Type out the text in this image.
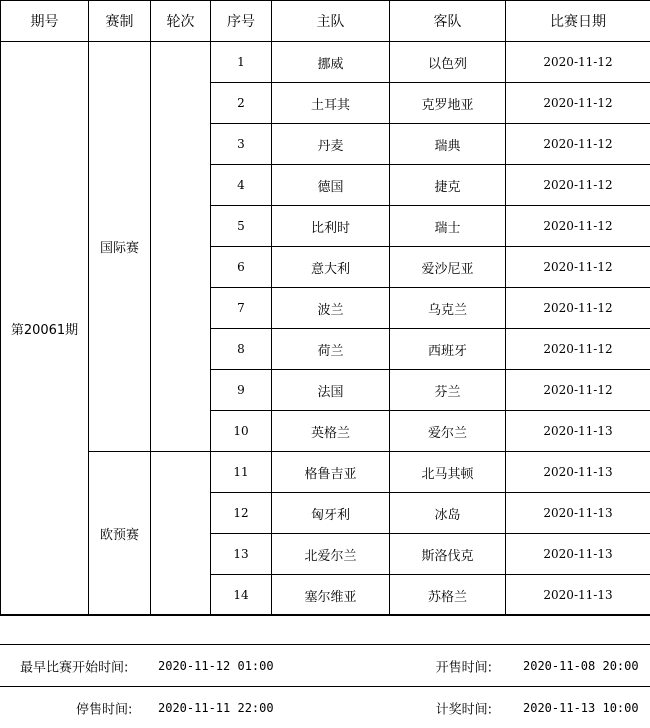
期号	赛制	轮次	序号	主队	客队	比赛日期
第20061期	国际赛		1	挪威	以色列	2020-11-12
			2	土耳其	克罗地亚	2020-11-12
			3	丹麦	瑞典	2020-11-12
			4	德国	捷克	2020-11-12
			5	比利时	瑞士	2020-11-12
			6	意大利	爱沙尼亚	2020-11-12
			7	波兰	乌克兰	2020-11-12
			8	荷兰	西班牙	2020-11-12
			9	法国	芬兰	2020-11-12
			10	英格兰	爱尔兰	2020-11-13
	欧预赛		11	格鲁吉亚	北马其顿	2020-11-13
			12	匈牙利	冰岛	2020-11-13
			13	北爱尔兰	斯洛伐克	2020-11-13
			14	塞尔维亚	苏格兰	2020-11-13
最早比赛开始时间: 2020-11-12 01:00	开售时间:	2020-11-08 20:00
停售时间: 2020-11-11 22:00	计奖时间:	2020-11-13 10:00
